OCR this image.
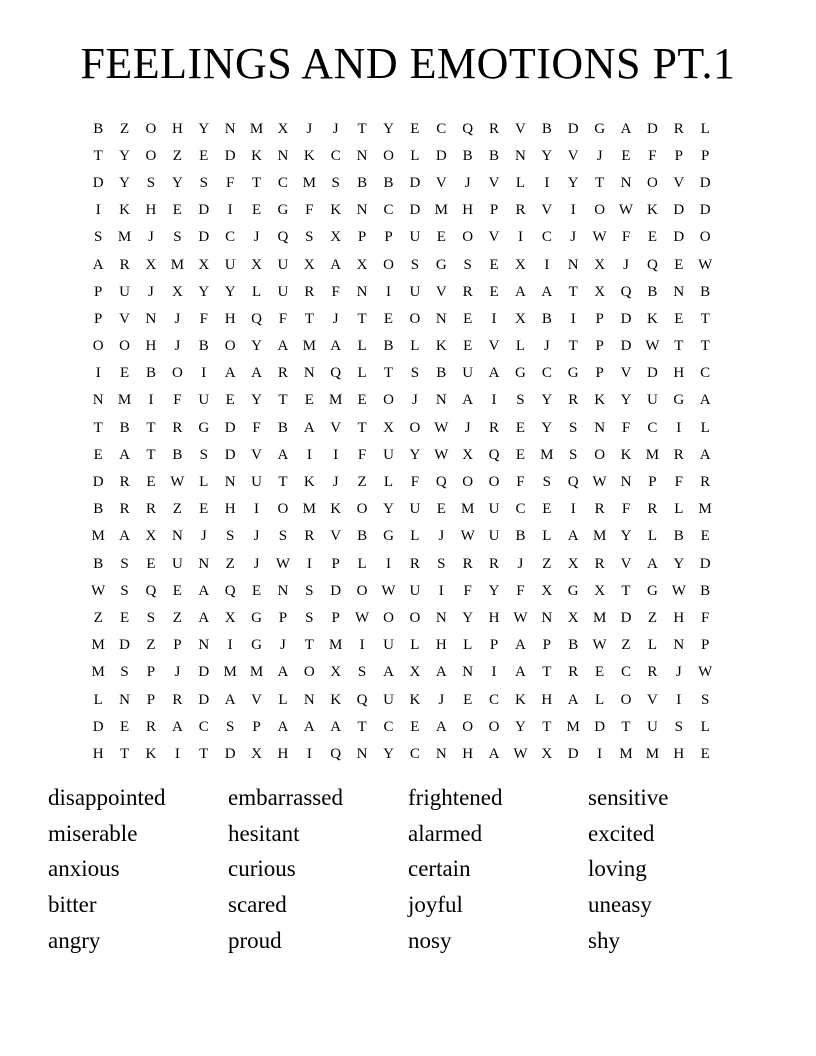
FEELINGS AND EMOTIONS PT.1
B	Z	O	H	Y	N M X	J	J	T	Y	E	C	Q	R	V	B	D	G	A	D	R	L
T	Y	O	Z	E	D	K	N	K	C	N	O	L	D	B	B	N	Y	V	J	E	F	P	P
D	Y	S	Y	S	F	T	C M	S	B	B	D	V	J	V	L	I	Y	T	N	O	V	D
I	K	H	E	D	I	E	G	F	K	N	C	D M H	P	R	V	I	O W K	D	D
S	M	J	S	D	C	J	Q	S	X	P	P	U	E	O	V	I	C	J	W	F	E	D	O
A	R	X M X	U	X	U	X	A	X	O	S	G	S	E	X	I	N	X	J	Q	E W
P	U	J	X	Y	Y	L	U	R	F	N	I	U	V	R	E	A	A	T	X	Q	B	N	B
P	V	N	J	F	H	Q	F	T	J	T	E	O	N	E	I	X	B	I	P	D	K	E	T
O	O	H	J	B	O	Y	A M A	L	B	L	K	E	V	L	J	T	P	D W T	T
I	E	B	O	I	A	A	R	N	Q	L	T	S	B	U	A	G	C	G	P	V	D	H	C
N M	I	F	U	E	Y	T	E	M	E	O	J	N	A	I	S	Y	R	K	Y	U	G	A
T	B	T	R	G	D	F	B	A	V	T	X	O W	J	R	E	Y	S	N	F	C	I	L
E	A	T	B	S	D	V	A	I	I	F	U	Y W X	Q	E	M	S	O	K M R	A
D	R	E W L	N	U	T	K	J	Z	L	F	Q	O	O	F	S	Q W N	P	F	R
B	R	R	Z	E	H	I	O M K	O	Y	U	E	M U	C	E	I	R	F	R	L	M
M A	X	N	J	S	J	S	R	V	B	G	L	J	W U	B	L	A M Y	L	B	E
B	S	E	U	N	Z	J	W	I	P	L	I	R	S	R	R	J	Z	X	R	V	A	Y	D
W	S	Q	E	A	Q	E	N	S	D	O W U	I	F	Y	F	X	G	X	T	G W B
Z	E	S	Z	A	X	G	P	S	P	W O	O	N	Y	H W N	X M D	Z	H	F
M D	Z	P	N	I	G	J	T	M	I	U	L	H	L	P	A	P	B W Z	L	N	P
M	S	P	J	D M M A	O	X	S	A	X	A	N	I	A	T	R	E	C	R	J	W
L	N	P	R	D	A	V	L	N	K	Q	U	K	J	E	C	K	H	A	L	O	V	I	S
D	E	R	A	C	S	P	A	A	A	T	C	E	A	O	O	Y	T	M D	T	U	S	L
H	T	K	I	T	D	X	H	I	Q	N	Y	C	N	H	A W X	D	I	M M H	E
disappointed	embarrassed	frightened	sensitive
miserable	hesitant	alarmed	excited
anxious	curious	certain	loving
bitter	scared	joyful	uneasy
angry	proud	nosy	shy
